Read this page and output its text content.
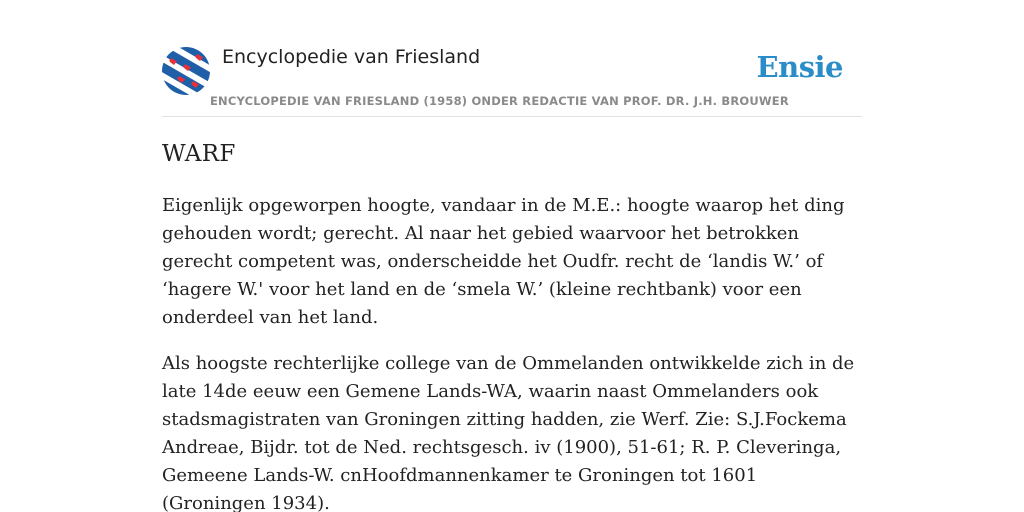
Encyclopedie van Friesland	Ensie
ENCYCLOPEDIE VAN FRIESLAND (1958) ONDER REDACTIE VAN PROF. DR. J.H. BROUWER
WARF

Eigenlijk opgeworpen hoogte, vandaar in de M.E.: hoogte waarop het ding gehouden wordt; gerecht. Al naar het gebied waarvoor het betrokken gerecht competent was, onderscheidde het Oudfr. recht de ‘landis W.’ of ‘hagere W.' voor het land en de ‘smela W.’ (kleine rechtbank) voor een onderdeel van het land.

Als hoogste rechterlijke college van de Ommelanden ontwikkelde zich in de late 14de eeuw een Gemene Lands-WA, waarin naast Ommelanders ook stadsmagistraten van Groningen zitting hadden, zie Werf. Zie: S.J.Fockema Andreae, Bijdr. tot de Ned. rechtsgesch. iv (1900), 51-61; R. P. Cleveringa, Gemeene Lands-W. cnHoofdmannenkamer te Groningen tot 1601 (Groningen 1934).
